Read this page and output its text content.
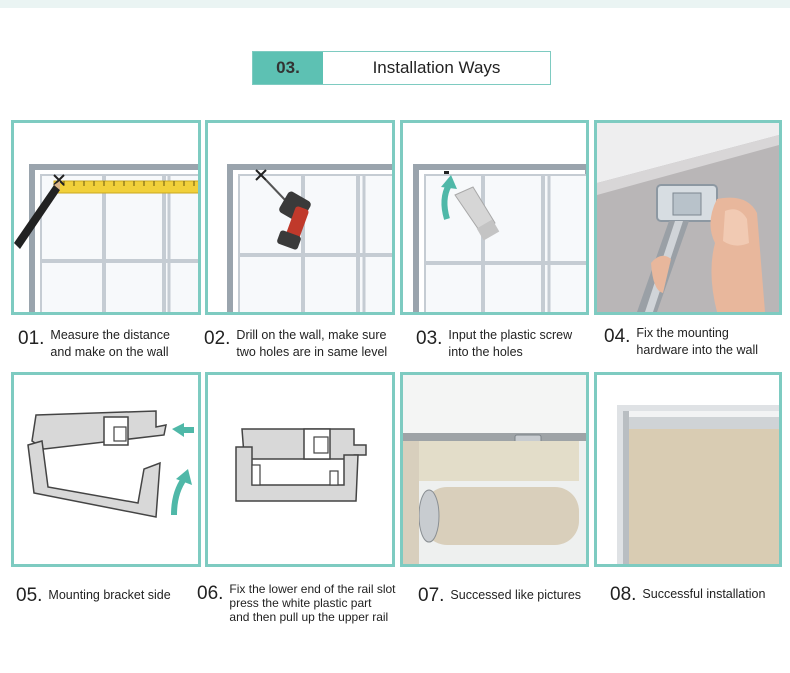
03.	Installation Ways
01. Measure the distance
and make on the wall
02. Drill on the wall, make sure
two holes are in same level
03. Input the plastic screw
into the holes
04. Fix the mounting
hardware into the wall
05. Mounting bracket side 06. Fix the lower end of the rail slot
press the white plastic part
and then pull up the upper rail
07. Successed like pictures 08. Successful installation
